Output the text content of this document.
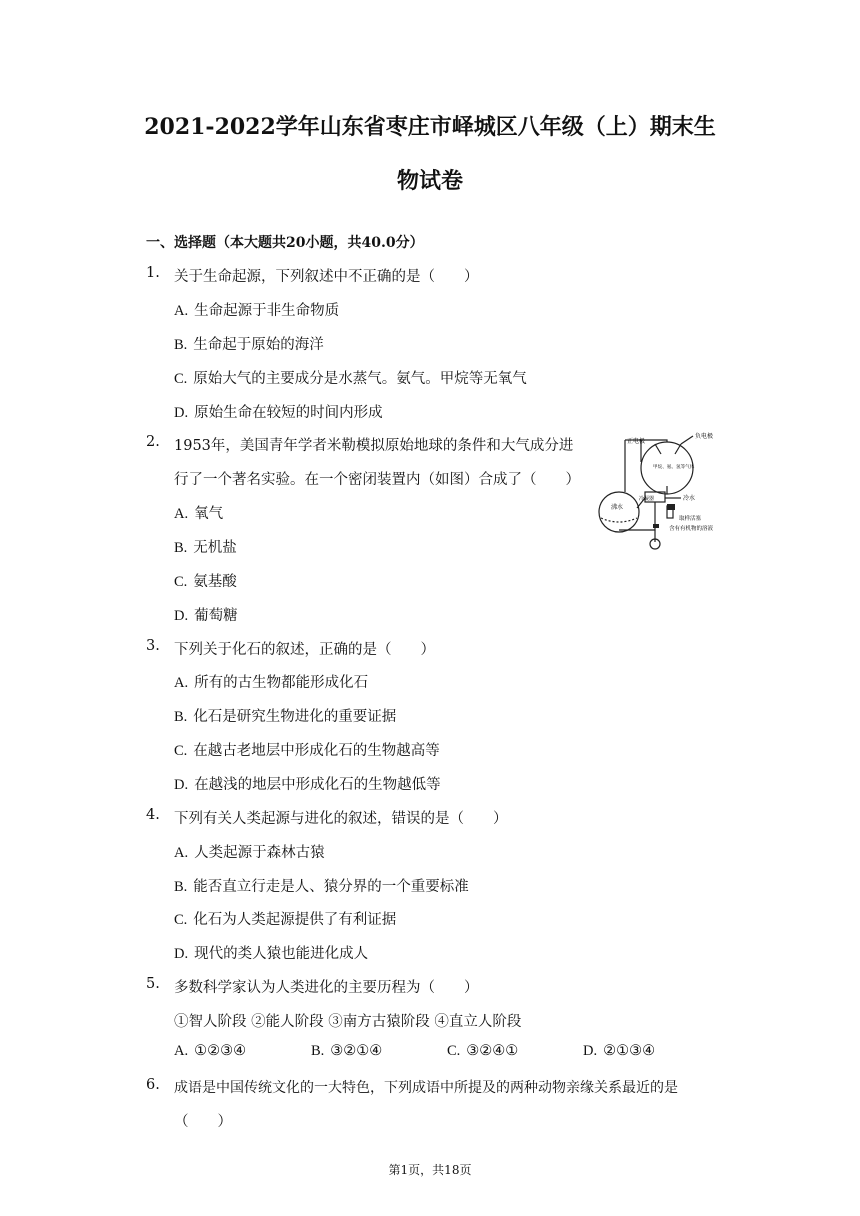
2021-2022学年山东省枣庄市峄城区八年级（上）期末生
物试卷
一、选择题（本大题共20小题，共40.0分）
1. 关于生命起源，下列叙述中不正确的是（　　）
A. 生命起源于非生命物质
B. 生命起于原始的海洋
C. 原始大气的主要成分是水蒸气。氨气。甲烷等无氧气
D. 原始生命在较短的时间内形成
2. 1953年，美国青年学者米勒模拟原始地球的条件和大气成分进
行了一个著名实验。在一个密闭装置内（如图）合成了（　　）
A. 氧气
B. 无机盐
C. 氨基酸
D. 葡萄糖
正电极
负电极
甲烷、氨、氢等气体
沸水
冷凝器	冷水
取样活塞
含有有机物的溶液
3. 下列关于化石的叙述，正确的是（　　）
A. 所有的古生物都能形成化石
B. 化石是研究生物进化的重要证据
C. 在越古老地层中形成化石的生物越高等
D. 在越浅的地层中形成化石的生物越低等
4. 下列有关人类起源与进化的叙述，错误的是（　　）
A. 人类起源于森林古猿
B. 能否直立行走是人、猿分界的一个重要标准
C. 化石为人类起源提供了有利证据
D. 现代的类人猿也能进化成人
5. 多数科学家认为人类进化的主要历程为（　　）
①智人阶段 ②能人阶段 ③南方古猿阶段 ④直立人阶段
A. ①②③④	B. ③②①④	C. ③②④①	D. ②①③④
6. 成语是中国传统文化的一大特色，下列成语中所提及的两种动物亲缘关系最近的是
（　　）
第1页，共18页
